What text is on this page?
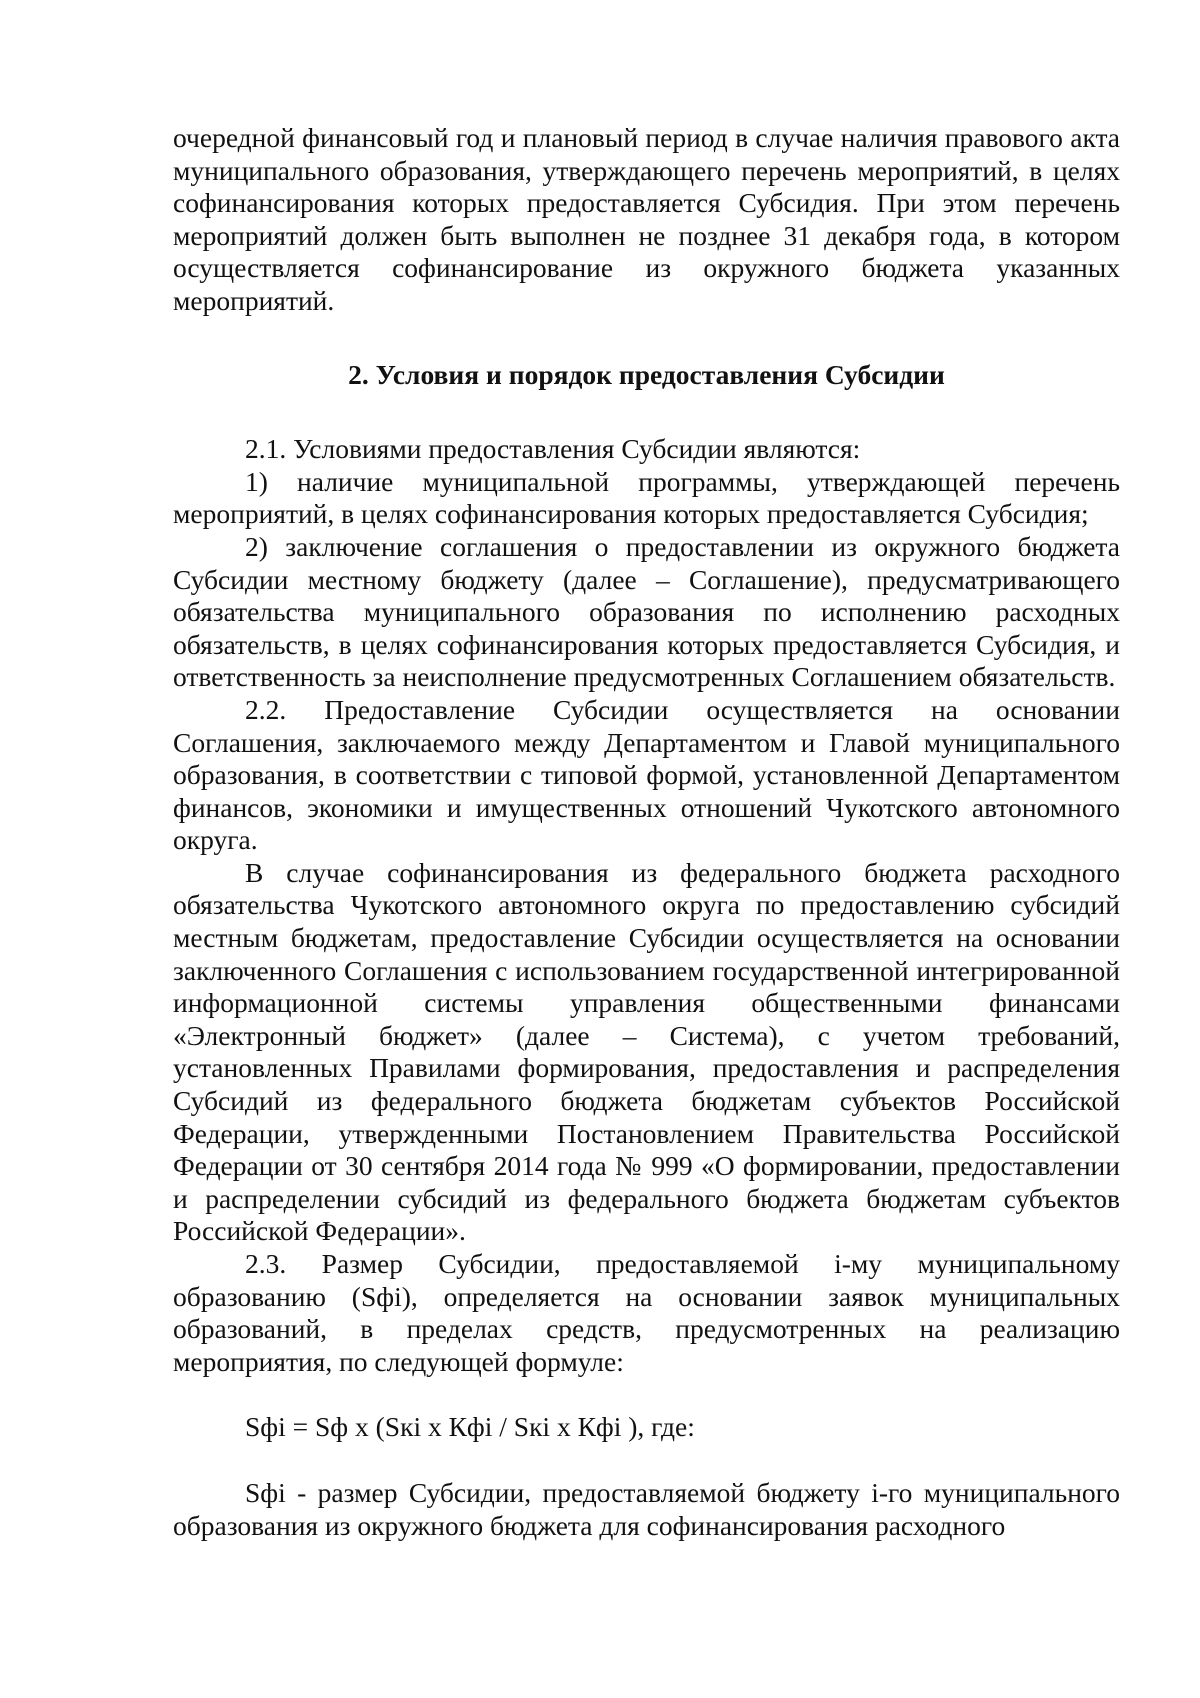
очередной финансовый год и плановый период в случае наличия правового акта муниципального образования, утверждающего перечень мероприятий, в целях софинансирования которых предоставляется Субсидия. При этом перечень мероприятий должен быть выполнен не позднее 31 декабря года, в котором осуществляется софинансирование из окружного бюджета указанных мероприятий.

2. Условия и порядок предоставления Субсидии

2.1. Условиями предоставления Субсидии являются:

1) наличие муниципальной программы, утверждающей перечень мероприятий, в целях софинансирования которых предоставляется Субсидия;

2) заключение соглашения о предоставлении из окружного бюджета Субсидии местному бюджету (далее – Соглашение), предусматривающего обязательства муниципального образования по исполнению расходных обязательств, в целях софинансирования которых предоставляется Субсидия, и ответственность за неисполнение предусмотренных Соглашением обязательств.

2.2. Предоставление Субсидии осуществляется на основании Соглашения, заключаемого между Департаментом и Главой муниципального образования, в соответствии с типовой формой, установленной Департаментом финансов, экономики и имущественных отношений Чукотского автономного округа.

В случае софинансирования из федерального бюджета расходного обязательства Чукотского автономного округа по предоставлению субсидий местным бюджетам, предоставление Субсидии осуществляется на основании заключенного Соглашения с использованием государственной интегрированной информационной системы управления общественными финансами «Электронный бюджет» (далее – Система), с учетом требований, установленных Правилами формирования, предоставления и распределения Субсидий из федерального бюджета бюджетам субъектов Российской Федерации, утвержденными Постановлением Правительства Российской Федерации от 30 сентября 2014 года № 999 «О формировании, предоставлении и распределении субсидий из федерального бюджета бюджетам субъектов Российской Федерации».

2.3. Размер Субсидии, предоставляемой i-му муниципальному образованию (Sфi), определяется на основании заявок муниципальных образований, в пределах средств, предусмотренных на реализацию мероприятия, по следующей формуле:

Sфi = Sф x (Sкi x Кфi / Sкi x Кфi ), где:

Sфi - размер Субсидии, предоставляемой бюджету i-го муниципального образования из окружного бюджета для софинансирования расходного
